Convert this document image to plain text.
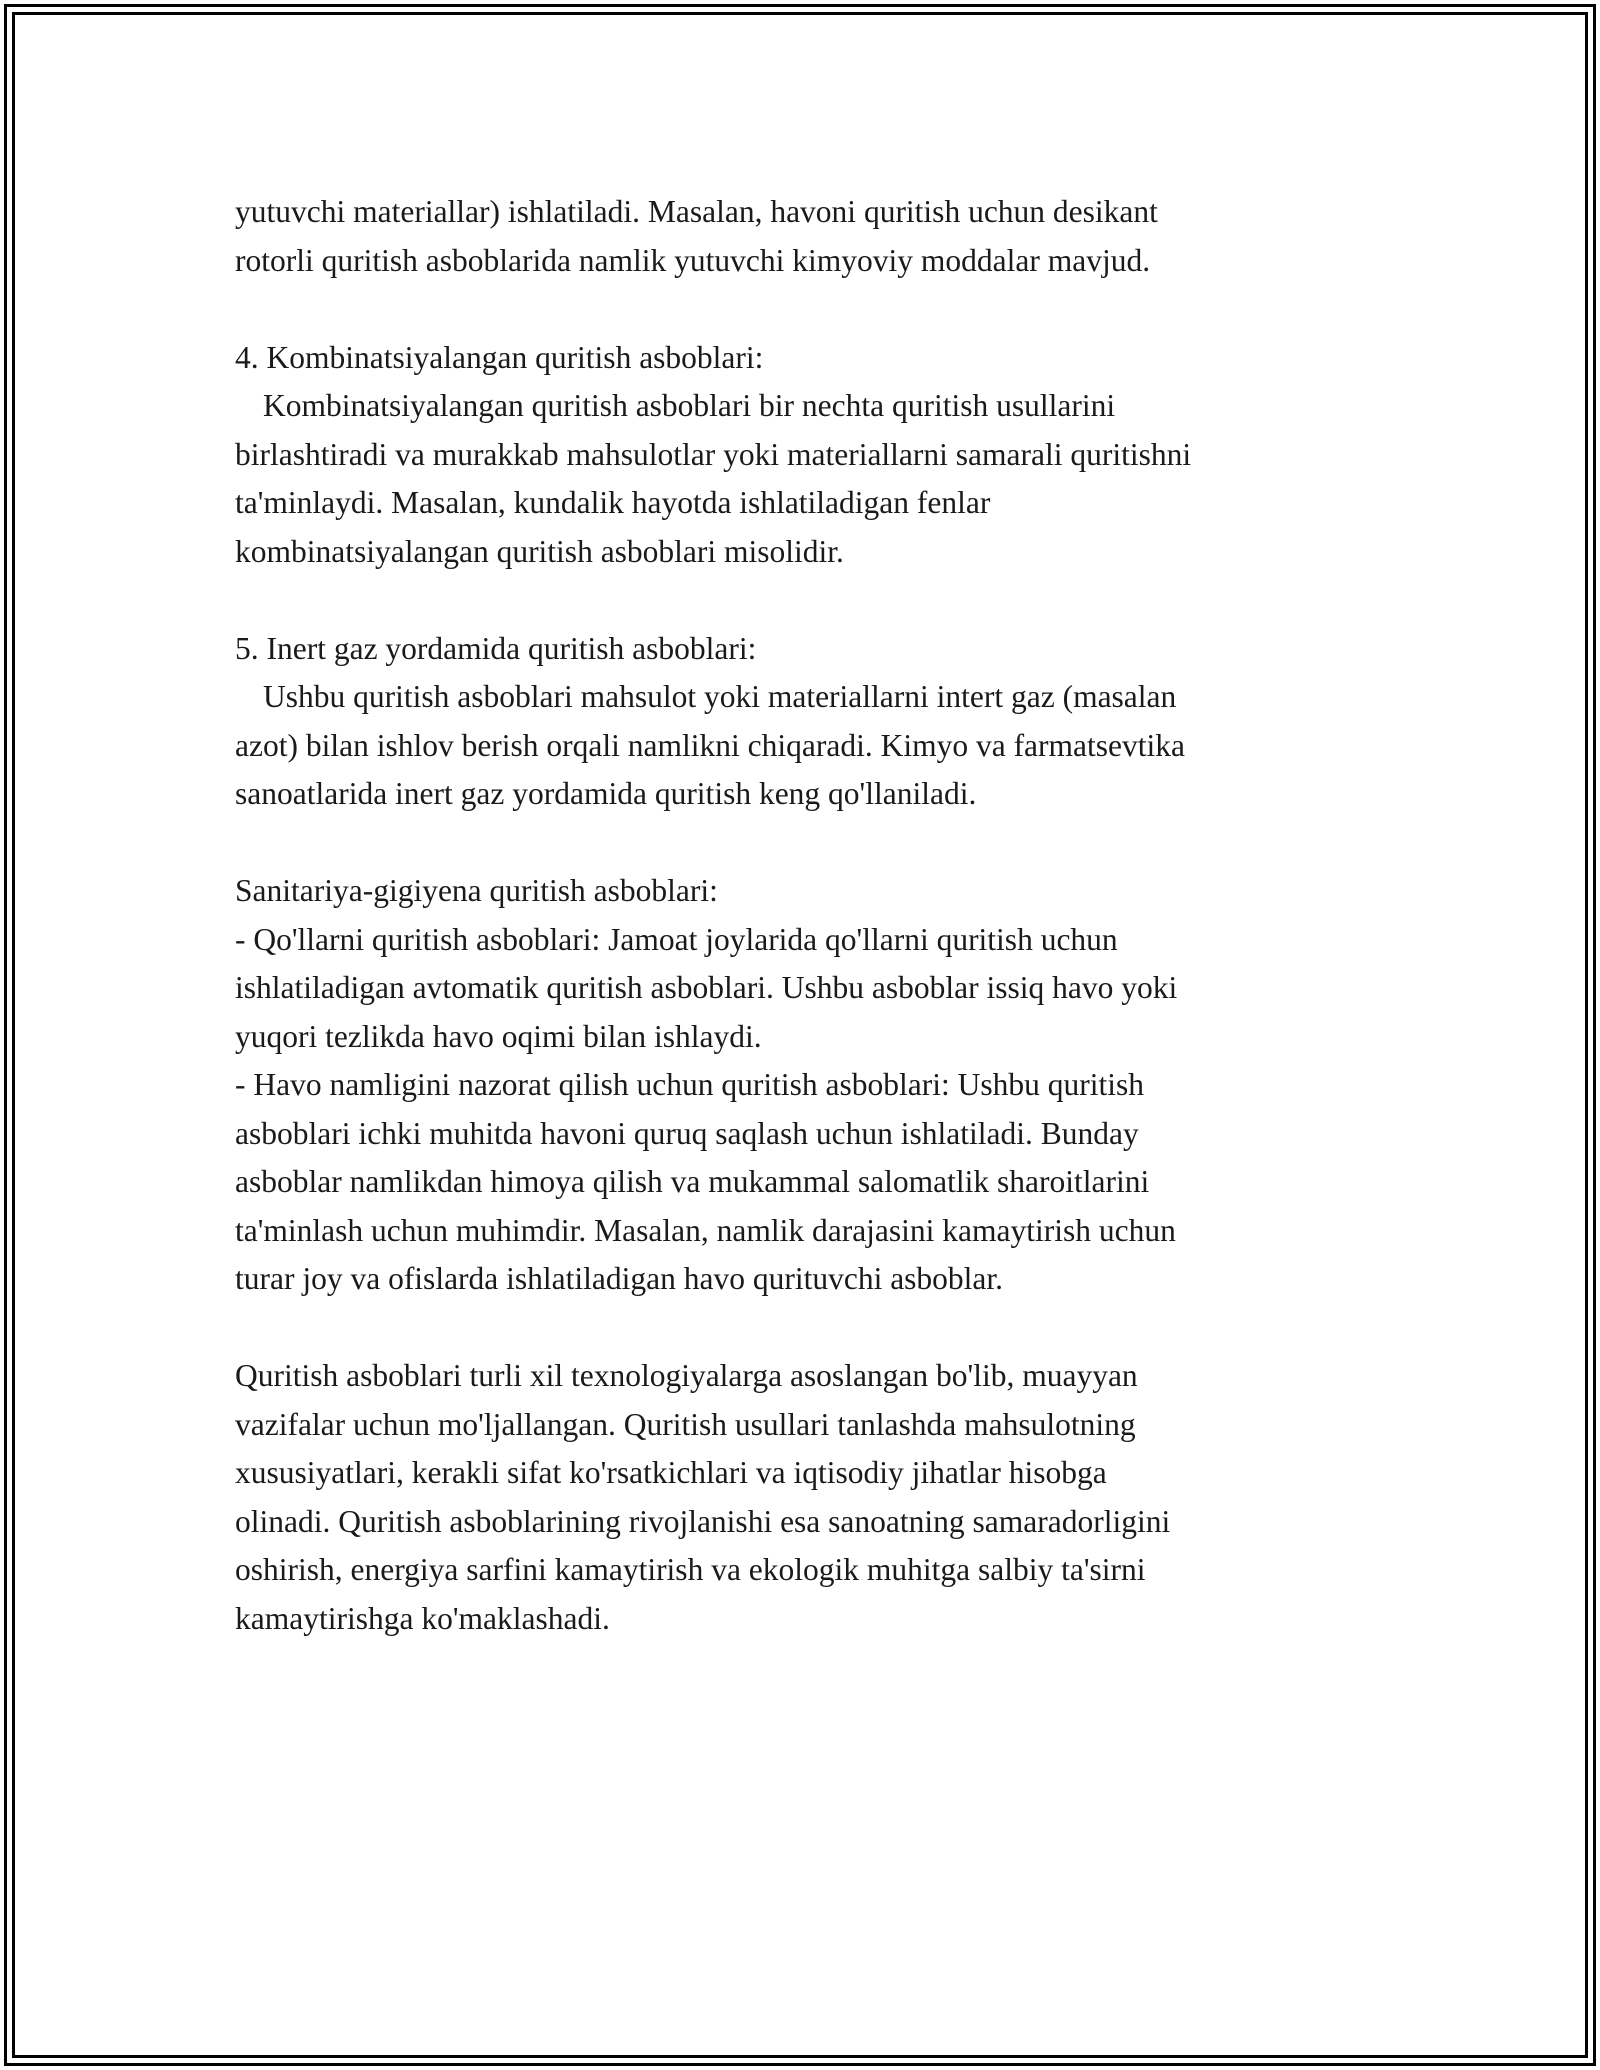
yutuvchi materiallar) ishlatiladi. Masalan, havoni quritish uchun desikant
rotorli quritish asboblarida namlik yutuvchi kimyoviy moddalar mavjud.
4. Kombinatsiyalangan quritish asboblari:
Kombinatsiyalangan quritish asboblari bir nechta quritish usullarini
birlashtiradi va murakkab mahsulotlar yoki materiallarni samarali quritishni
ta'minlaydi. Masalan, kundalik hayotda ishlatiladigan fenlar
kombinatsiyalangan quritish asboblari misolidir.
5. Inert gaz yordamida quritish asboblari:
Ushbu quritish asboblari mahsulot yoki materiallarni intert gaz (masalan
azot) bilan ishlov berish orqali namlikni chiqaradi. Kimyo va farmatsevtika
sanoatlarida inert gaz yordamida quritish keng qo'llaniladi.
Sanitariya-gigiyena quritish asboblari:
- Qo'llarni quritish asboblari: Jamoat joylarida qo'llarni quritish uchun
ishlatiladigan avtomatik quritish asboblari. Ushbu asboblar issiq havo yoki
yuqori tezlikda havo oqimi bilan ishlaydi.
- Havo namligini nazorat qilish uchun quritish asboblari: Ushbu quritish
asboblari ichki muhitda havoni quruq saqlash uchun ishlatiladi. Bunday
asboblar namlikdan himoya qilish va mukammal salomatlik sharoitlarini
ta'minlash uchun muhimdir. Masalan, namlik darajasini kamaytirish uchun
turar joy va ofislarda ishlatiladigan havo qurituvchi asboblar.
Quritish asboblari turli xil texnologiyalarga asoslangan bo'lib, muayyan
vazifalar uchun mo'ljallangan. Quritish usullari tanlashda mahsulotning
xususiyatlari, kerakli sifat ko'rsatkichlari va iqtisodiy jihatlar hisobga
olinadi. Quritish asboblarining rivojlanishi esa sanoatning samaradorligini
oshirish, energiya sarfini kamaytirish va ekologik muhitga salbiy ta'sirni
kamaytirishga ko'maklashadi.
